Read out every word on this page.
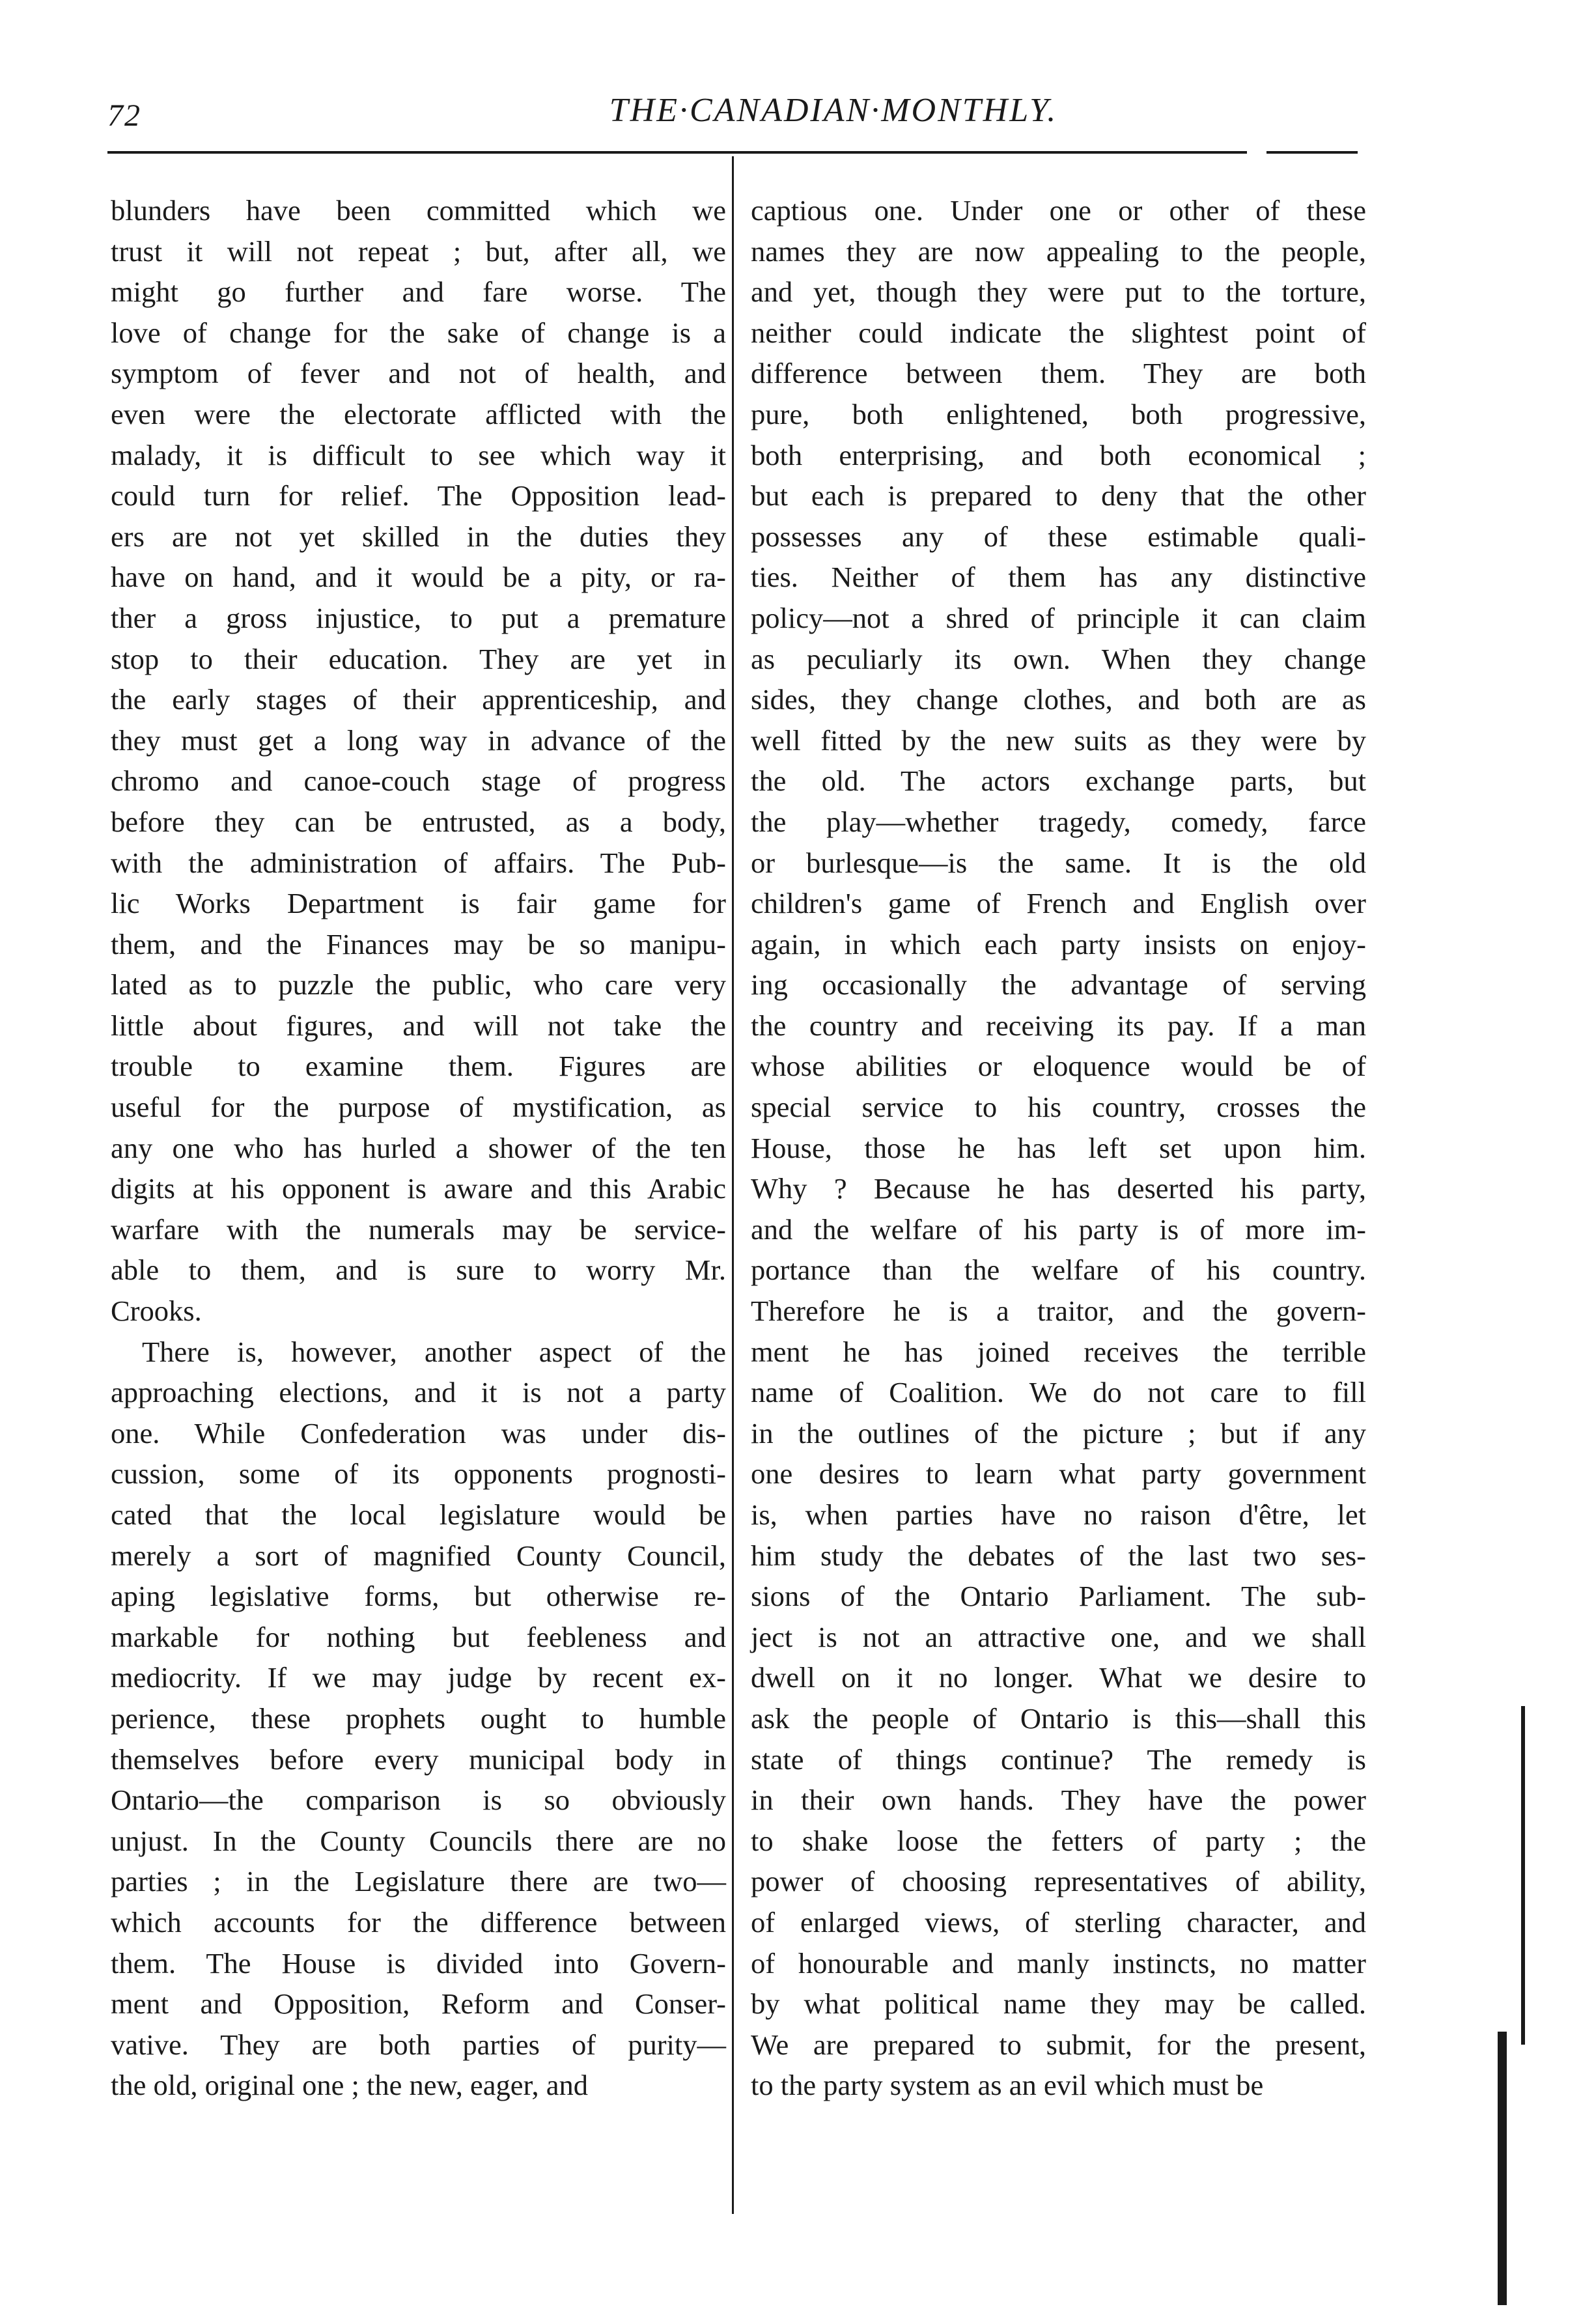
72	THE·CANADIAN·MONTHLY.
blunders have been committed which we
trust it will not repeat ; but, after all, we
might go further and fare worse. The
love of change for the sake of change is a
symptom of fever and not of health, and
even were the electorate afflicted with the
malady, it is difficult to see which way it
could turn for relief. The Opposition lead-
ers are not yet skilled in the duties they
have on hand, and it would be a pity, or ra-
ther a gross injustice, to put a premature
stop to their education. They are yet in
the early stages of their apprenticeship, and
they must get a long way in advance of the
chromo and canoe-couch stage of progress
before they can be entrusted, as a body,
with the administration of affairs. The Pub-
lic Works Department is fair game for
them, and the Finances may be so manipu-
lated as to puzzle the public, who care very
little about figures, and will not take the
trouble to examine them. Figures are
useful for the purpose of mystification, as
any one who has hurled a shower of the ten
digits at his opponent is aware and this Arabic
warfare with the numerals may be service-
able to them, and is sure to worry Mr.
Crooks.
There is, however, another aspect of the
approaching elections, and it is not a party
one. While Confederation was under dis-
cussion, some of its opponents prognosti-
cated that the local legislature would be
merely a sort of magnified County Council,
aping legislative forms, but otherwise re-
markable for nothing but feebleness and
mediocrity. If we may judge by recent ex-
perience, these prophets ought to humble
themselves before every municipal body in
Ontario—the comparison is so obviously
unjust. In the County Councils there are no
parties ; in the Legislature there are two—
which accounts for the difference between
them. The House is divided into Govern-
ment and Opposition, Reform and Conser-
vative. They are both parties of purity—
the old, original one ; the new, eager, and
captious one. Under one or other of these
names they are now appealing to the people,
and yet, though they were put to the torture,
neither could indicate the slightest point of
difference between them. They are both
pure, both enlightened, both progressive,
both enterprising, and both economical ;
but each is prepared to deny that the other
possesses any of these estimable quali-
ties. Neither of them has any distinctive
policy—not a shred of principle it can claim
as peculiarly its own. When they change
sides, they change clothes, and both are as
well fitted by the new suits as they were by
the old. The actors exchange parts, but
the play—whether tragedy, comedy, farce
or burlesque—is the same. It is the old
children's game of French and English over
again, in which each party insists on enjoy-
ing occasionally the advantage of serving
the country and receiving its pay. If a man
whose abilities or eloquence would be of
special service to his country, crosses the
House, those he has left set upon him.
Why ? Because he has deserted his party,
and the welfare of his party is of more im-
portance than the welfare of his country.
Therefore he is a traitor, and the govern-
ment he has joined receives the terrible
name of Coalition. We do not care to fill
in the outlines of the picture ; but if any
one desires to learn what party government
is, when parties have no raison d'être, let
him study the debates of the last two ses-
sions of the Ontario Parliament. The sub-
ject is not an attractive one, and we shall
dwell on it no longer. What we desire to
ask the people of Ontario is this—shall this
state of things continue? The remedy is
in their own hands. They have the power
to shake loose the fetters of party ; the
power of choosing representatives of ability,
of enlarged views, of sterling character, and
of honourable and manly instincts, no matter
by what political name they may be called.
We are prepared to submit, for the present,
to the party system as an evil which must be
